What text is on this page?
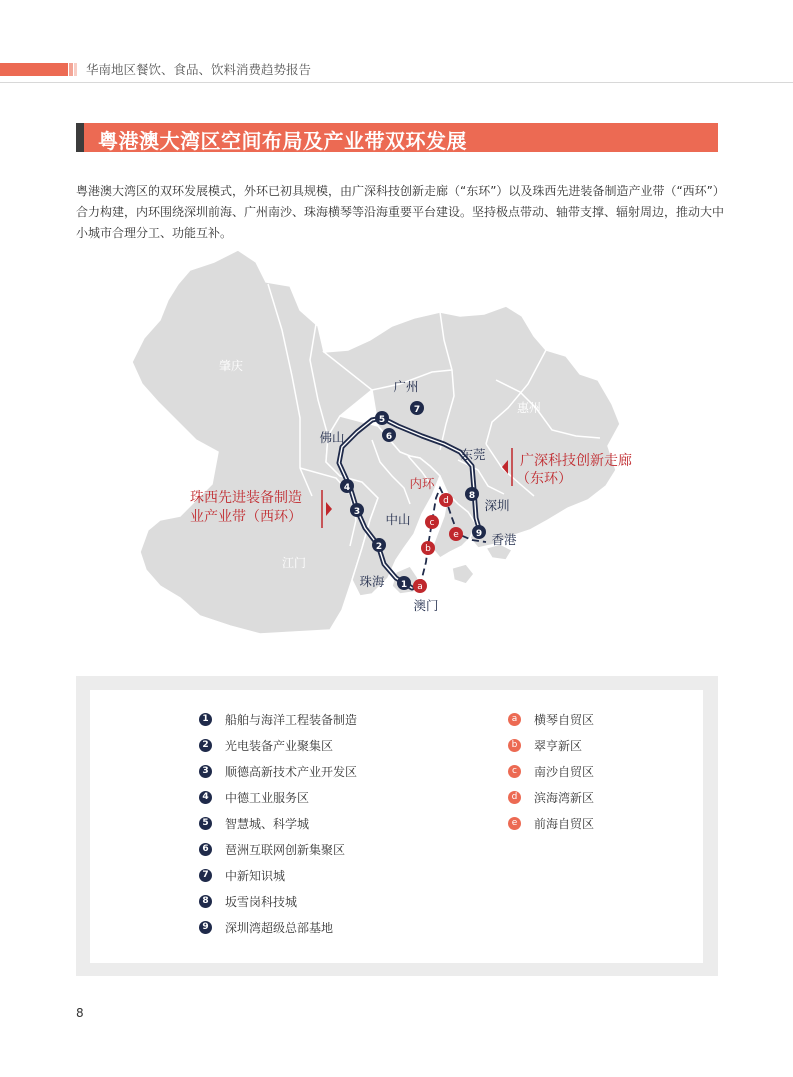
华南地区餐饮、食品、饮料消费趋势报告
粤港澳大湾区空间布局及产业带双环发展
粤港澳大湾区的双环发展模式，外环已初具规模，由广深科技创新走廊（“东环”）以及珠西先进装备制造产业带（“西环”）合力构建，内环围绕深圳前海、广州南沙、珠海横琴等沿海重要平台建设。坚持极点带动、轴带支撑、辐射周边，推动大中小城市合理分工、功能互补。
肇庆
惠州
江门
1
2
3
4
5
6
7
8
9
a
b
c
d
e
广州
佛山
东莞
深圳
中山
香港
珠海
澳门
内环
珠西先进装备制造
业产业带（西环）
广深科技创新走廊
（东环）
1 船舶与海洋工程装备制造
2 光电装备产业聚集区
3 顺德高新技术产业开发区
4 中德工业服务区
5 智慧城、科学城
6 琶洲互联网创新集聚区
7 中新知识城
8 坂雪岗科技城
9 深圳湾超级总部基地
a	横琴自贸区
b	翠亨新区
c	南沙自贸区
d	滨海湾新区
e	前海自贸区
8
